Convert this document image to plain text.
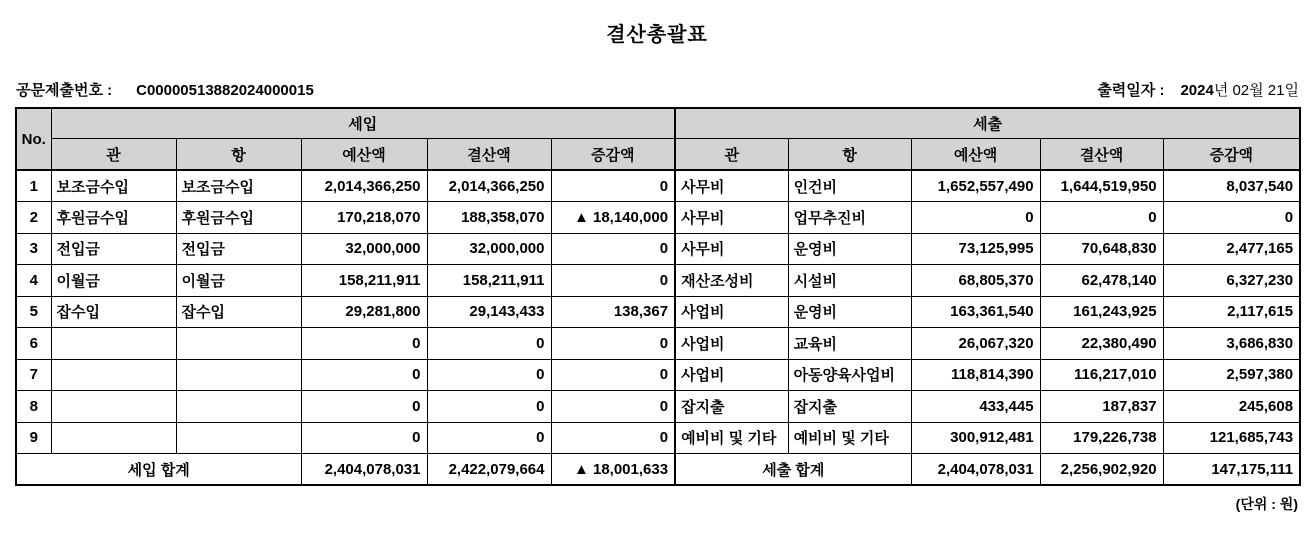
결산총괄표
공문제출번호 : C00000513882024000015	출력일자 : 2024년 02월 21일
No.	세입					세출				
	관	항	예산액	결산액	증감액	관	항	예산액	결산액	증감액
1	보조금수입	보조금수입	2,014,366,250	2,014,366,250	0	사무비	인건비	1,652,557,490	1,644,519,950	8,037,540
2	후원금수입	후원금수입	170,218,070	188,358,070	▲ 18,140,000	사무비	업무추진비	0	0	0
3	전입금	전입금	32,000,000	32,000,000	0	사무비	운영비	73,125,995	70,648,830	2,477,165
4	이월금	이월금	158,211,911	158,211,911	0	재산조성비	시설비	68,805,370	62,478,140	6,327,230
5	잡수입	잡수입	29,281,800	29,143,433	138,367	사업비	운영비	163,361,540	161,243,925	2,117,615
6			0	0	0	사업비	교육비	26,067,320	22,380,490	3,686,830
7			0	0	0	사업비	아동양육사업비	118,814,390	116,217,010	2,597,380
8			0	0	0	잡지출	잡지출	433,445	187,837	245,608
9			0	0	0	예비비 및 기타	예비비 및 기타	300,912,481	179,226,738	121,685,743
세입 합계			2,404,078,031	2,422,079,664	▲ 18,001,633	세출 합계		2,404,078,031	2,256,902,920	147,175,111
(단위 : 원)
